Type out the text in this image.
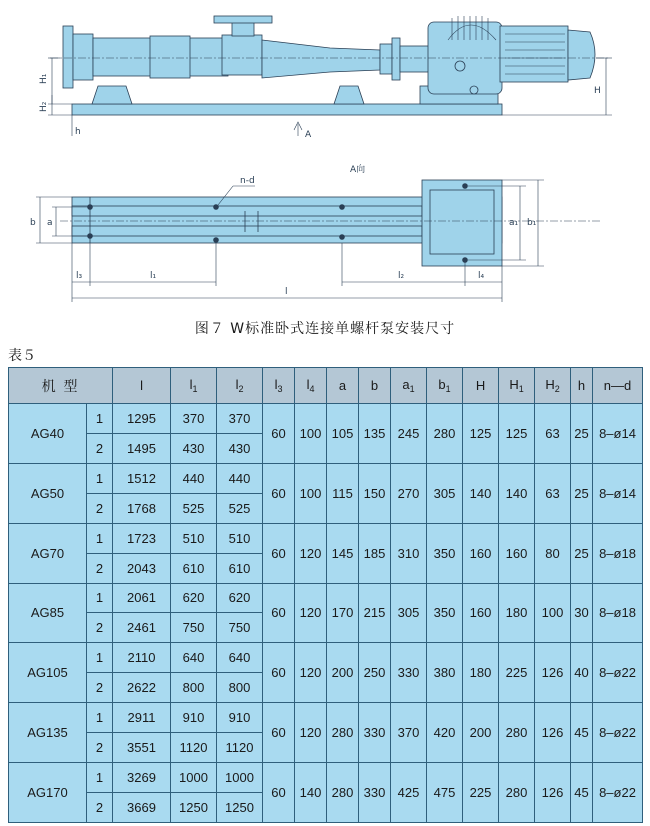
H₁
H₂
h
H
A
A向
n-d
b a	a₁ b₁
l₃	l₁	l₂	l₄
l
图７ W标准卧式连接单螺杆泵安装尺寸
表５
机 型		l	$l_1$	$l_2$	$l_3$	$l_4$	a	b	$a_1$	$b_1$	H	$H_1$	$H_2$	h	n—d
AG40	1	1295	370	370	60	100	105	135	245	280	125	125	63	25	8–ø14
	2	1495	430	430											
AG50	1	1512	440	440	60	100	115	150	270	305	140	140	63	25	8–ø14
	2	1768	525	525											
AG70	1	1723	510	510	60	120	145	185	310	350	160	160	80	25	8–ø18
	2	2043	610	610											
AG85	1	2061	620	620	60	120	170	215	305	350	160	180	100	30	8–ø18
	2	2461	750	750											
AG105	1	2110	640	640	60	120	200	250	330	380	180	225	126	40	8–ø22
	2	2622	800	800											
AG135	1	2911	910	910	60	120	280	330	370	420	200	280	126	45	8–ø22
	2	3551	1120	1120											
AG170	1	3269	1000	1000	60	140	280	330	425	475	225	280	126	45	8–ø22
	2	3669	1250	1250											
